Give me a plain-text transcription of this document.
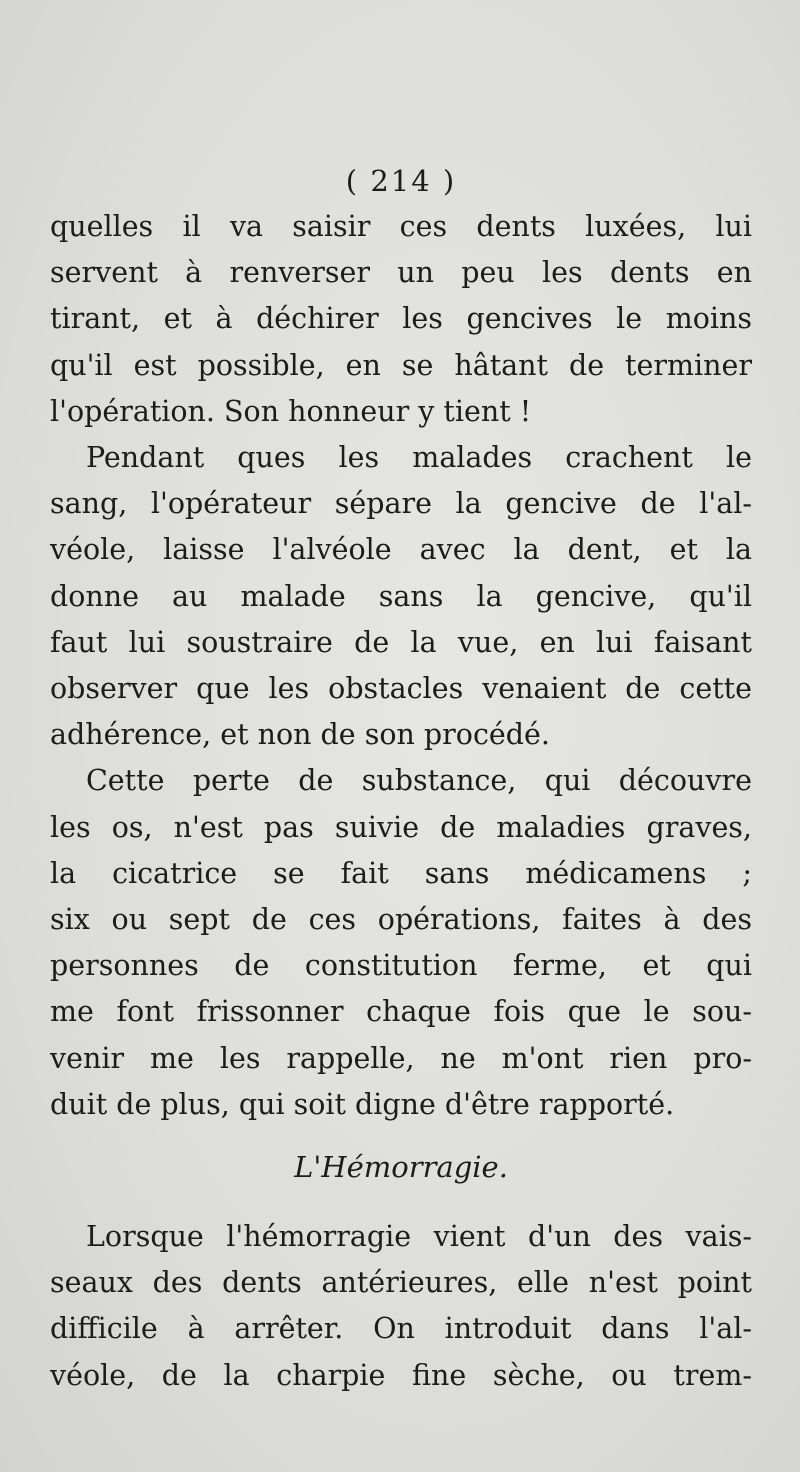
( 214 )

quelles il va saisir ces dents luxées, lui
servent à renverser un peu les dents en
tirant, et à déchirer les gencives le moins
qu'il est possible, en se hâtant de terminer
l'opération. Son honneur y tient !

Pendant ques les malades crachent le
sang, l'opérateur sépare la gencive de l'al-
véole, laisse l'alvéole avec la dent, et la
donne au malade sans la gencive, qu'il
faut lui soustraire de la vue, en lui faisant
observer que les obstacles venaient de cette
adhérence, et non de son procédé.

Cette perte de substance, qui découvre
les os, n'est pas suivie de maladies graves,
la cicatrice se fait sans médicamens ;
six ou sept de ces opérations, faites à des
personnes de constitution ferme, et qui
me font frissonner chaque fois que le sou-
venir me les rappelle, ne m'ont rien pro-
duit de plus, qui soit digne d'être rapporté.

L'Hémorragie.

Lorsque l'hémorragie vient d'un des vais-
seaux des dents antérieures, elle n'est point
difficile à arrêter. On introduit dans l'al-
véole, de la charpie fine sèche, ou trem-
